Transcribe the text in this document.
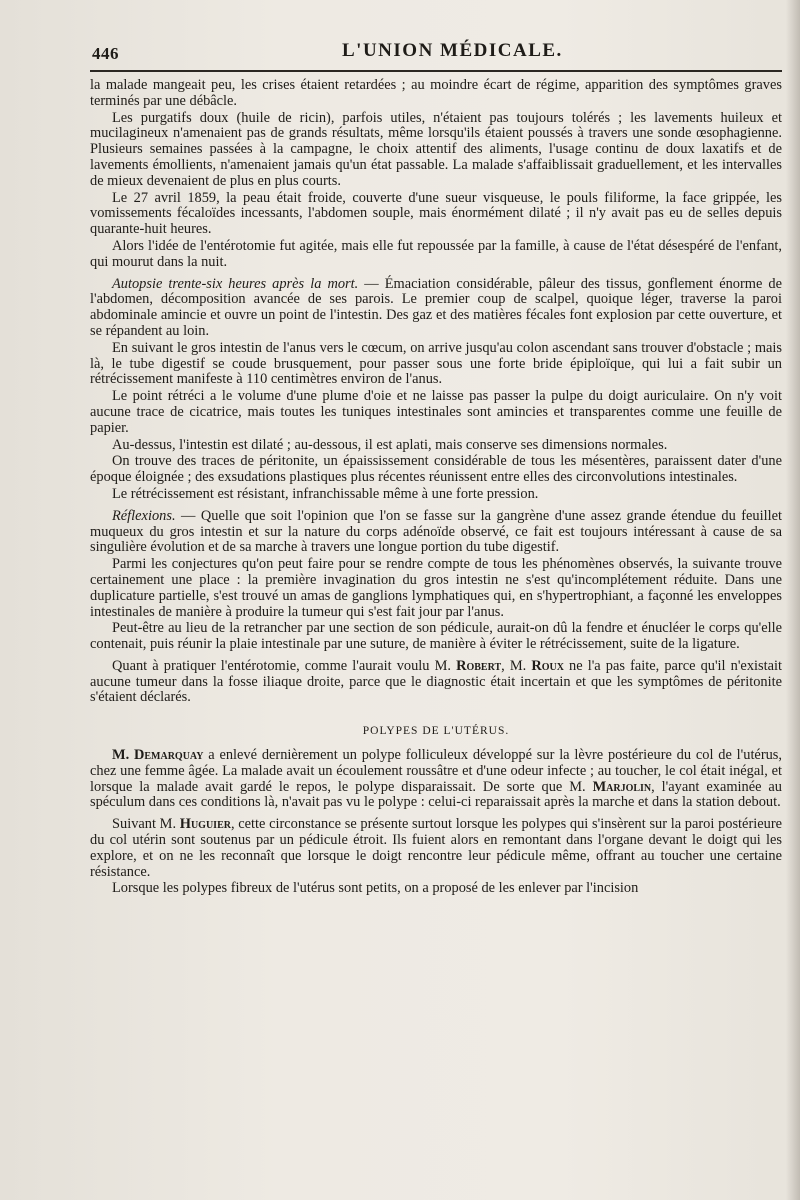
446	L'UNION MÉDICALE.

la malade mangeait peu, les crises étaient retardées ; au moindre écart de régime, apparition des symptômes graves terminés par une débâcle.

Les purgatifs doux (huile de ricin), parfois utiles, n'étaient pas toujours tolérés ; les lavements huileux et mucilagineux n'amenaient pas de grands résultats, même lorsqu'ils étaient poussés à travers une sonde œsophagienne. Plusieurs semaines passées à la campagne, le choix attentif des aliments, l'usage continu de doux laxatifs et de lavements émollients, n'amenaient jamais qu'un état passable. La malade s'affaiblissait graduellement, et les intervalles de mieux devenaient de plus en plus courts.

Le 27 avril 1859, la peau était froide, couverte d'une sueur visqueuse, le pouls filiforme, la face grippée, les vomissements fécaloïdes incessants, l'abdomen souple, mais énormément dilaté ; il n'y avait pas eu de selles depuis quarante-huit heures.

Alors l'idée de l'entérotomie fut agitée, mais elle fut repoussée par la famille, à cause de l'état désespéré de l'enfant, qui mourut dans la nuit.

Autopsie trente-six heures après la mort. — Émaciation considérable, pâleur des tissus, gonflement énorme de l'abdomen, décomposition avancée de ses parois. Le premier coup de scalpel, quoique léger, traverse la paroi abdominale amincie et ouvre un point de l'intestin. Des gaz et des matières fécales font explosion par cette ouverture, et se répandent au loin.

En suivant le gros intestin de l'anus vers le cœcum, on arrive jusqu'au colon ascendant sans trouver d'obstacle ; mais là, le tube digestif se coude brusquement, pour passer sous une forte bride épiploïque, qui lui a fait subir un rétrécissement manifeste à 110 centimètres environ de l'anus.

Le point rétréci a le volume d'une plume d'oie et ne laisse pas passer la pulpe du doigt auriculaire. On n'y voit aucune trace de cicatrice, mais toutes les tuniques intestinales sont amincies et transparentes comme une feuille de papier.

Au-dessus, l'intestin est dilaté ; au-dessous, il est aplati, mais conserve ses dimensions normales.

On trouve des traces de péritonite, un épaississement considérable de tous les mésentères, paraissent dater d'une époque éloignée ; des exsudations plastiques plus récentes réunissent entre elles des circonvolutions intestinales.

Le rétrécissement est résistant, infranchissable même à une forte pression.

Réflexions. — Quelle que soit l'opinion que l'on se fasse sur la gangrène d'une assez grande étendue du feuillet muqueux du gros intestin et sur la nature du corps adénoïde observé, ce fait est toujours intéressant à cause de sa singulière évolution et de sa marche à travers une longue portion du tube digestif.

Parmi les conjectures qu'on peut faire pour se rendre compte de tous les phénomènes observés, la suivante trouve certainement une place : la première invagination du gros intestin ne s'est qu'incomplétement réduite. Dans une duplicature partielle, s'est trouvé un amas de ganglions lymphatiques qui, en s'hypertrophiant, a façonné les enveloppes intestinales de manière à produire la tumeur qui s'est fait jour par l'anus.

Peut-être au lieu de la retrancher par une section de son pédicule, aurait-on dû la fendre et énucléer le corps qu'elle contenait, puis réunir la plaie intestinale par une suture, de manière à éviter le rétrécissement, suite de la ligature.

Quant à pratiquer l'entérotomie, comme l'aurait voulu M. Robert, M. Roux ne l'a pas faite, parce qu'il n'existait aucune tumeur dans la fosse iliaque droite, parce que le diagnostic était incertain et que les symptômes de péritonite s'étaient déclarés.

POLYPES DE L'UTÉRUS.

M. Demarquay a enlevé dernièrement un polype folliculeux développé sur la lèvre postérieure du col de l'utérus, chez une femme âgée. La malade avait un écoulement roussâtre et d'une odeur infecte ; au toucher, le col était inégal, et lorsque la malade avait gardé le repos, le polype disparaissait. De sorte que M. Marjolin, l'ayant examinée au spéculum dans ces conditions là, n'avait pas vu le polype : celui-ci reparaissait après la marche et dans la station debout.

Suivant M. Huguier, cette circonstance se présente surtout lorsque les polypes qui s'insèrent sur la paroi postérieure du col utérin sont soutenus par un pédicule étroit. Ils fuient alors en remontant dans l'organe devant le doigt qui les explore, et on ne les reconnaît que lorsque le doigt rencontre leur pédicule même, offrant au toucher une certaine résistance.

Lorsque les polypes fibreux de l'utérus sont petits, on a proposé de les enlever par l'incision
